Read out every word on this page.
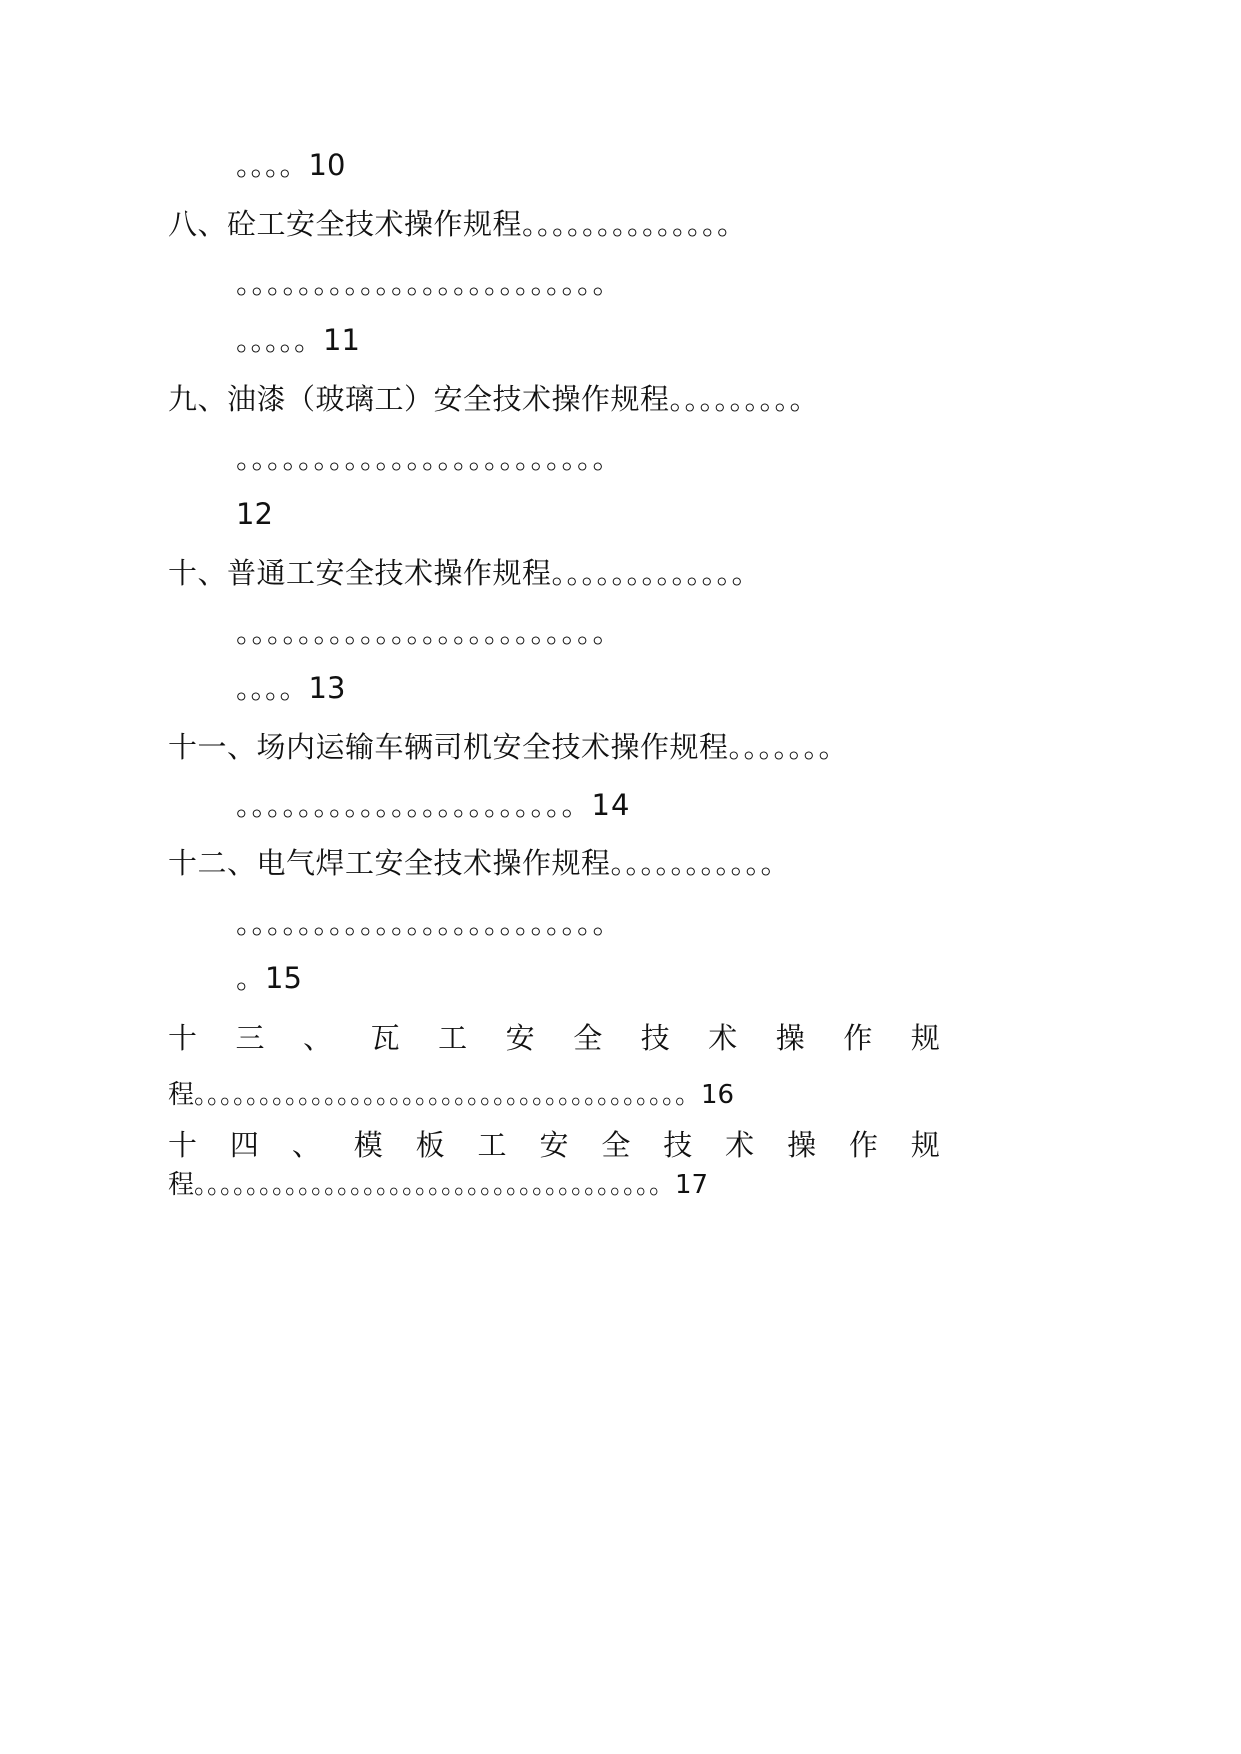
。。。。10
八、砼工安全技术操作规程。。。。。。。。。。。。。。
。。。。。。。。。。。。。。。。。。。。。。。。
。。。。。11
九、油漆（玻璃工）安全技术操作规程。。。。。。。。。
。。。。。。。。。。。。。。。。。。。。。。。。
12
十、普通工安全技术操作规程。。。。。。。。。。。。。
。。。。。。。。。。。。。。。。。。。。。。。。
。。。。13
十一、场内运输车辆司机安全技术操作规程。。。。。。。
。。。。。。。。。。。。。。。。。。。。。。14
十二、电气焊工安全技术操作规程。。。。。。。。。。。
。。。。。。。。。。。。。。。。。。。。。。。。
。15
十 三 、 瓦 工 安 全 技 术 操 作 规
程。。。。。。。。。。。。。。。。。。。。。。。。。。。。。。。。。。。。。。16
十 四 、 模 板 工 安 全 技 术 操 作 规
程。。。。。。。。。。。。。。。。。。。。。。。。。。。。。。。。。。。。17
